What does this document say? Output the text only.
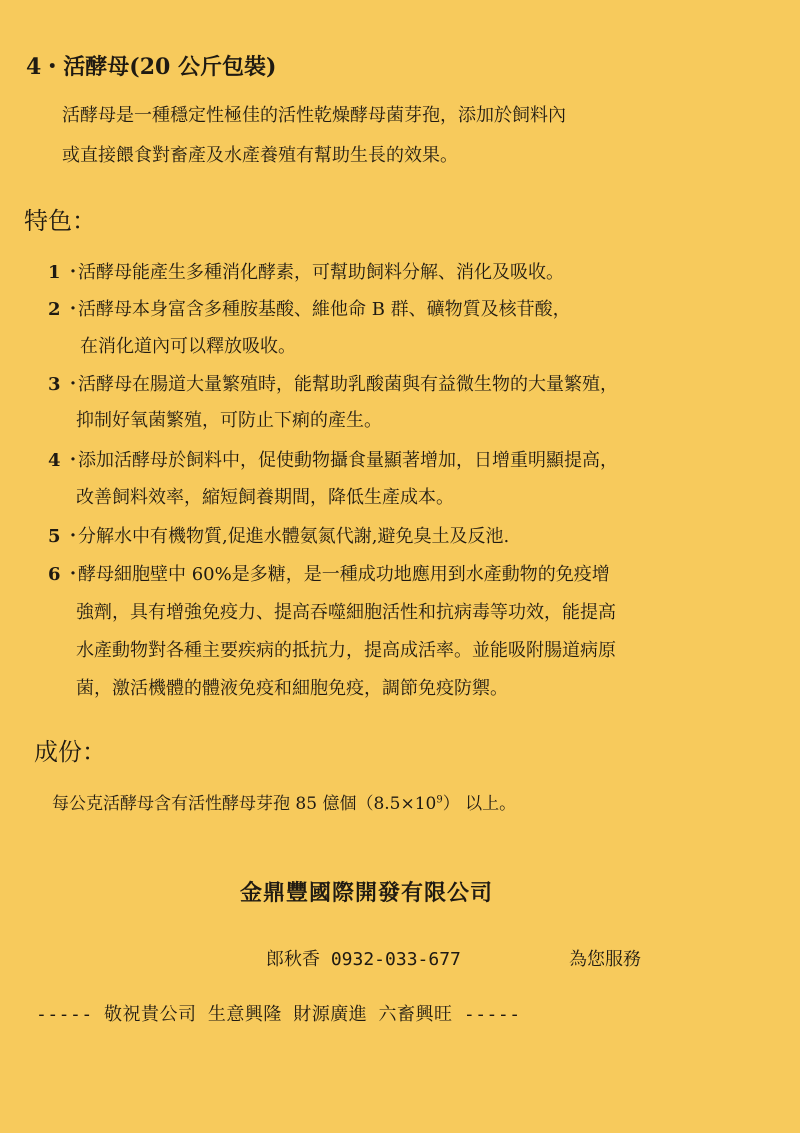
4・活酵母(20 公斤包裝)
活酵母是一種穩定性極佳的活性乾燥酵母菌芽孢，添加於飼料內
或直接餵食對畜產及水產養殖有幫助生長的效果。
特色：
1 ・活酵母能產生多種消化酵素，可幫助飼料分解、消化及吸收。
2 ・活酵母本身富含多種胺基酸、維他命 B 群、礦物質及核苷酸，
在消化道內可以釋放吸收。
3 ・活酵母在腸道大量繁殖時，能幫助乳酸菌與有益微生物的大量繁殖，
抑制好氧菌繁殖，可防止下痢的產生。
4 ・添加活酵母於飼料中，促使動物攝食量顯著增加，日增重明顯提高，
改善飼料效率，縮短飼養期間，降低生產成本。
5 ・分解水中有機物質,促進水體氨氮代謝,避免臭土及反池.
6 ・酵母細胞壁中 60%是多糖，是一種成功地應用到水產動物的免疫增
強劑，具有增強免疫力、提高吞噬細胞活性和抗病毒等功效，能提高
水產動物對各種主要疾病的抵抗力，提高成活率。並能吸附腸道病原
菌，激活機體的體液免疫和細胞免疫，調節免疫防禦。
成份：
每公克活酵母含有活性酵母芽孢 85 億個$(8.5\times 10^9)$ 以上。
金鼎豐國際開發有限公司
郎秋香 0932-033-677	為您服務
----- 敬祝貴公司 生意興隆 財源廣進 六畜興旺 -----
